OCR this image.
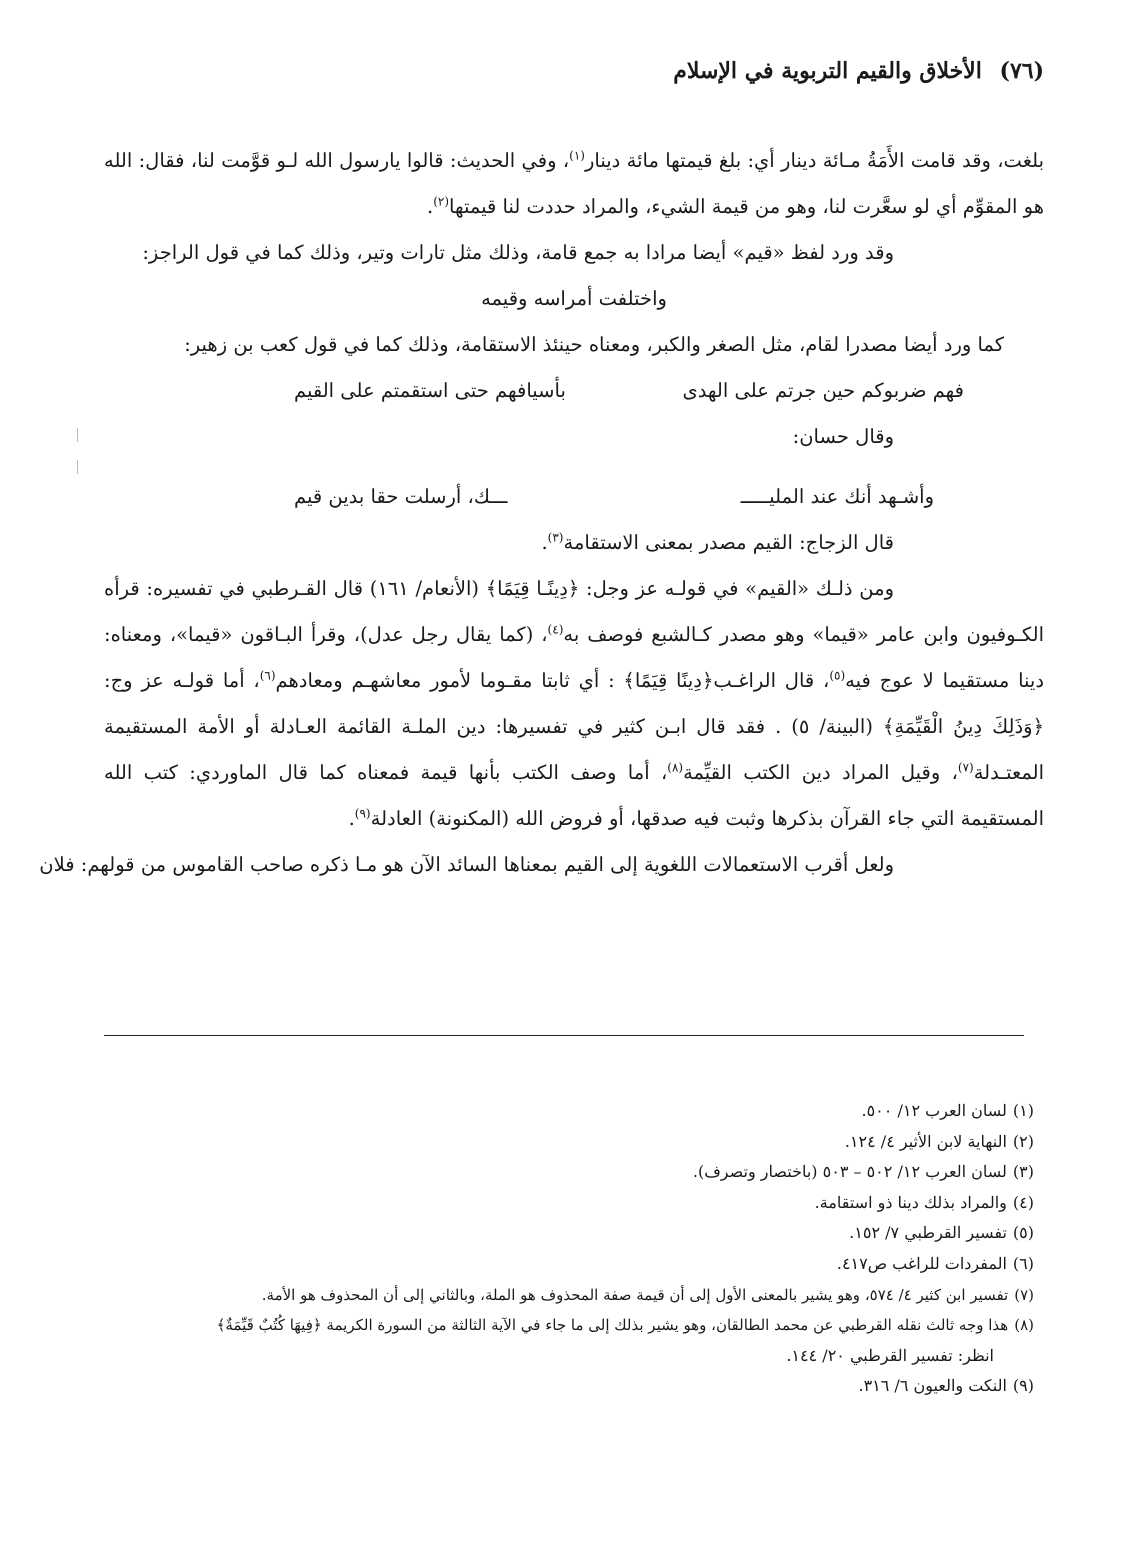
(٧٦) الأخلاق والقيم التربوية في الإسلام

بلغت، وقد قامت الأَمَةُ مـائة دينار أي: بلغ قيمتها مائة دينار$^{(١)}$، وفي الحديث: قالوا يارسول الله لـو قوَّمت لنا، فقال: الله هو المقوِّم أي لو سعَّرت لنا، وهو من قيمة الشيء، والمراد حددت لنا قيمتها$^{(٢)}$.

وقد ورد لفظ «قيم» أيضا مرادا به جمع قامة، وذلك مثل تارات وتير، وذلك كما في قول الراجز:
واختلفت أمراسه وقيمه
كما ورد أيضا مصدرا لقام، مثل الصغر والكبر، ومعناه حينئذ الاستقامة، وذلك كما في قول كعب بن زهير:
فهم ضربوكم حين جرتم على الهدى
بأسيافهم حتى استقمتم على القيم
وقال حسان:
وأشـهد أنك عند المليـــــ
ـــك، أرسلت حقا بدين قيم
قال الزجاج: القيم مصدر بمعنى الاستقامة$^{(٣)}$.

ومن ذلـك «القيم» في قولـه عز وجل: ﴿دِينًـا قِيَمًا﴾ (الأنعام/ ١٦١) قال القـرطبي في تفسيره: قرأه الكـوفيون وابن عامر «قيما» وهو مصدر كـالشبع فوصف به$^{(٤)}$، (كما يقال رجل عدل)، وقرأ البـاقون «قيما»، ومعناه: دينا مستقيما لا عوج فيه$^{(٥)}$، قال الراغـب﴿دِينًا قِيَمًا﴾ : أي ثابتا مقـوما لأمور معاشهـم ومعادهم$^{(٦)}$، أما قولـه عز وج: ﴿وَذَلِكَ دِينُ الْقَيِّمَةِ﴾ (البينة/ ٥) . فقد قال ابـن كثير في تفسيرها: دين الملـة القائمة العـادلة أو الأمة المستقيمة المعتـدلة$^{(٧)}$، وقيل المراد دين الكتب القيِّمة$^{(٨)}$، أما وصف الكتب بأنها قيمة فمعناه كما قال الماوردي: كتب الله المستقيمة التي جاء القرآن بذكرها وثبت فيه صدقها، أو فروض الله (المكنونة) العادلة$^{(٩)}$.

ولعل أقرب الاستعمالات اللغوية إلى القيم بمعناها السائد الآن هو مـا ذكره صاحب القاموس من قولهم: فلان
(١)لسان العرب ١٢/ ٥٠٠.
(٢)النهاية لابن الأثير ٤/ ١٢٤.
(٣)لسان العرب ١٢/ ٥٠٢ – ٥٠٣ (باختصار وتصرف).
(٤)والمراد بذلك دينا ذو استقامة.
(٥)تفسير القرطبي ٧/ ١٥٢.
(٦)المفردات للراغب ص٤١٧.
(٧)تفسير ابن كثير ٤/ ٥٧٤، وهو يشير بالمعنى الأول إلى أن قيمة صفة المحذوف هو الملة، وبالثاني إلى أن المحذوف هو الأمة.
(٨)هذا وجه ثالث نقله القرطبي عن محمد الطالقان، وهو يشير بذلك إلى ما جاء في الآية الثالثة من السورة الكريمة ﴿فِيهَا كُتُبٌ قَيِّمَةٌ﴾
انظر: تفسير القرطبي ٢٠/ ١٤٤.
(٩)النكت والعيون ٦/ ٣١٦.
